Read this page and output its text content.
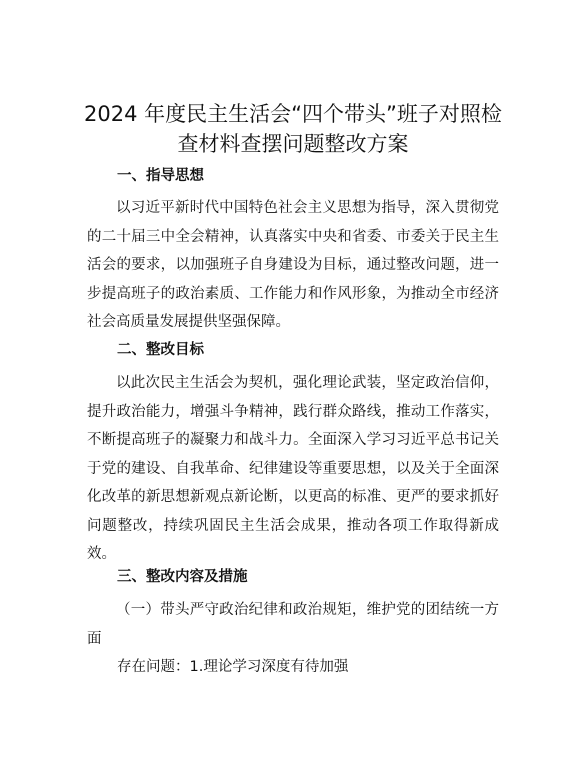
2024 年度民主生活会“四个带头”班子对照检
查材料查摆问题整改方案
一、指导思想

以习近平新时代中国特色社会主义思想为指导，深入贯彻党的二十届三中全会精神，认真落实中央和省委、市委关于民主生活会的要求，以加强班子自身建设为目标，通过整改问题，进一步提高班子的政治素质、工作能力和作风形象，为推动全市经济社会高质量发展提供坚强保障。

二、整改目标

以此次民主生活会为契机，强化理论武装，坚定政治信仰，提升政治能力，增强斗争精神，践行群众路线，推动工作落实，不断提高班子的凝聚力和战斗力。全面深入学习习近平总书记关于党的建设、自我革命、纪律建设等重要思想，以及关于全面深化改革的新思想新观点新论断，以更高的标准、更严的要求抓好问题整改，持续巩固民主生活会成果，推动各项工作取得新成效。

三、整改内容及措施

（一）带头严守政治纪律和政治规矩，维护党的团结统一方面

存在问题：1.理论学习深度有待加强
